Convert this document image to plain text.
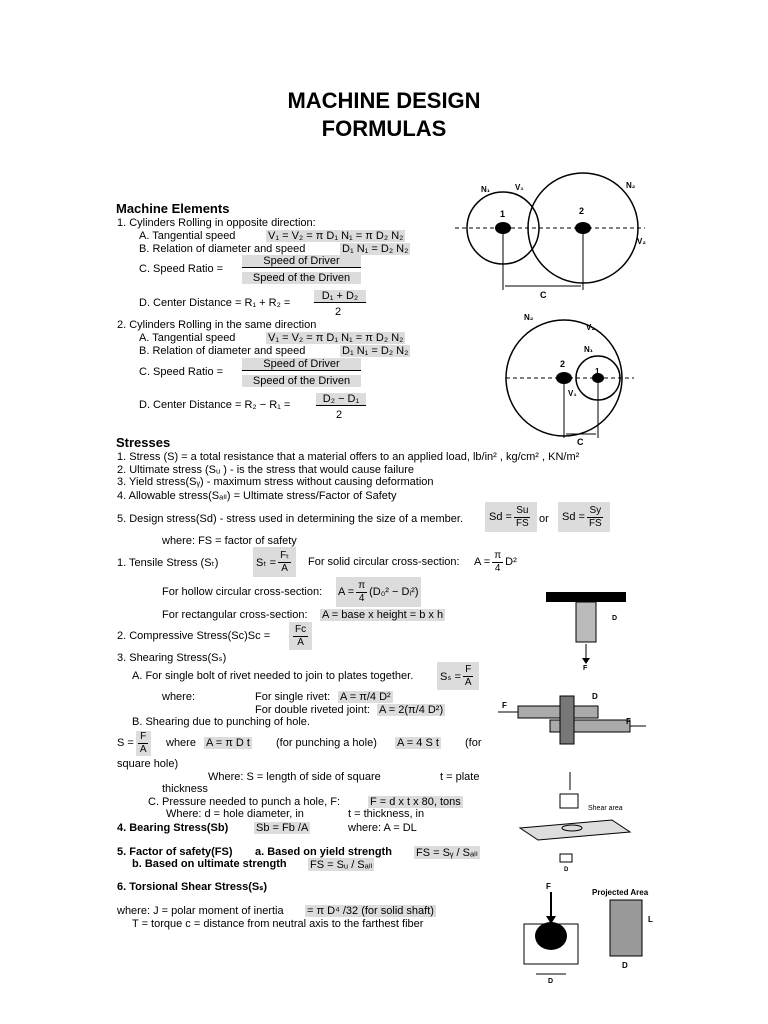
MACHINE DESIGN
FORMULAS
Machine Elements
1. Cylinders Rolling in opposite direction:
A. Tangential speed	V₁ = V₂ = π D₁ N₁ = π D₂ N₂
B. Relation of diameter and speed	D₁ N₁ = D₂ N₂
C. Speed Ratio =
Speed of Driver
Speed of the Driven
D. Center Distance = R₁ + R₂ =
D₁ + D₂
2
2. Cylinders Rolling in the same direction
A. Tangential speed	V₁ = V₂ = π D₁ N₁ = π D₂ N₂
B. Relation of diameter and speed	D₁ N₁ = D₂ N₂
C. Speed Ratio =
Speed of Driver
Speed of the Driven
D. Center Distance = R₂ − R₁ =	D₂ − D₁
2
Stresses
1. Stress (S) = a total resistance that a material offers to an applied load, lb/in² , kg/cm² , KN/m²
2. Ultimate stress (Sᵤ ) - is the stress that would cause failure
3. Yield stress(Sᵧ) - maximum stress without causing deformation
4. Allowable stress(Sₐₗₗ) = Ultimate stress/Factor of Safety
5. Design stress(Sd) - stress used in determining the size of a member. $Sd = \frac{Su}{FS}$ or $Sd = \frac{Sy}{FS}$
where: FS = factor of safety
1. Tensile Stress (Sₜ)	$S_t = \frac{\text{Fₜ}}{A}$ For solid circular cross-section: $A = \frac{\pi}{4} D^2$
For hollow circular cross-section: $A = \frac{\pi}{4} (D_0^2$ − Dᵢ²)
For rectangular cross-section: A = base x height = b x h
2. Compressive Stress(Sc)Sc = $\frac{Fc}{A}$
3. Shearing Stress(Sₛ)
A. For single bolt of rivet needed to join to plates together. $S_s = \frac{F}{A}$
where:	For single rivet: A = π/4 D²
For double riveted joint: A = 2(π/4 D²)
B. Shearing due to punching of hole.
$S = \frac{F}{A}$ where A = π D t (for punching a hole) A = 4 S t (for
square hole)
Where: S = length of side of square	t = plate
thickness
C. Pressure needed to punch a hole, F:	F = d x t x 80, tons
Where: d = hole diameter, in	t = thickness, in
4. Bearing Stress(Sb)	Sb = Fb /A	where: A = DL
5. Factor of safety(FS) a. Based on yield strength FS = Sᵧ / Sₐₗₗ
b. Based on ultimate strength FS = Sᵤ / Sₐₗₗ
6. Torsional Shear Stress(Sₛ)
where: J = polar moment of inertia = π D⁴ /32 (for solid shaft)
T = torque c = distance from neutral axis to the farthest fiber
C
1	2
N₁	V₁	N₂
V₂
C
2
1
N₂
V₂
N₁
V₁
F
D
F
F
D
Shear area
D
F
D
Projected Area
L
D
